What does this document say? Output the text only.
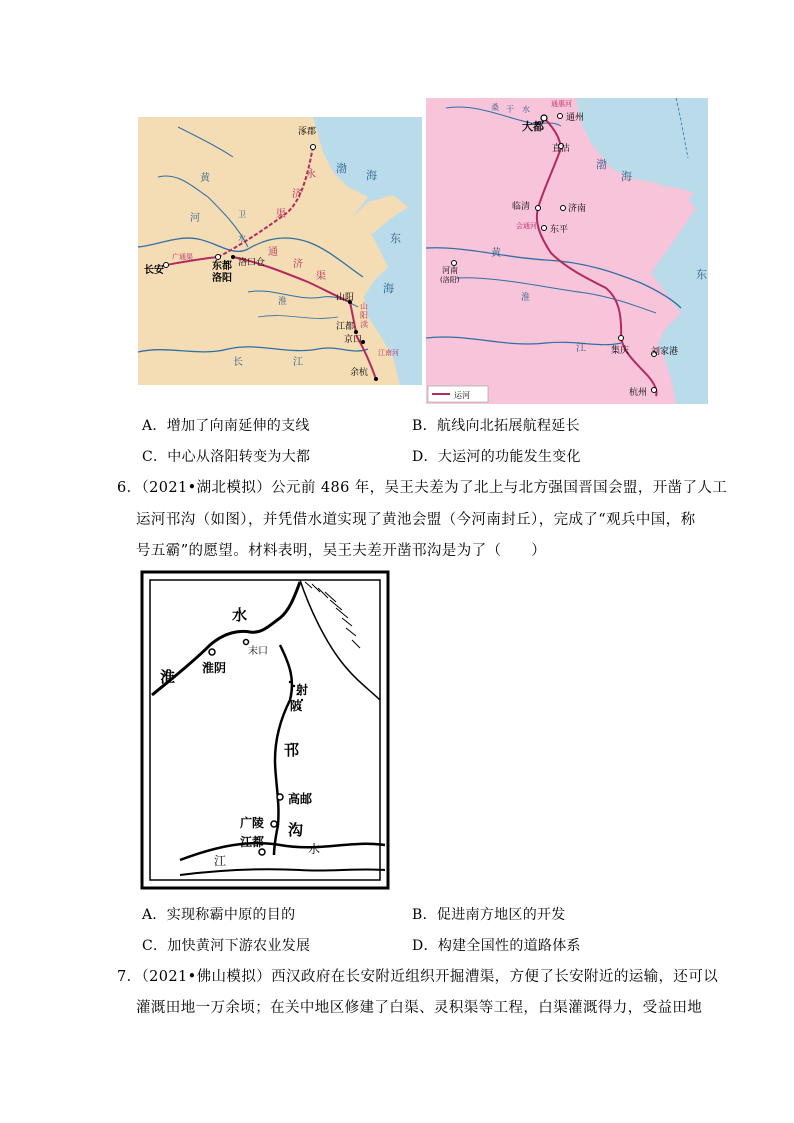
涿郡
长安	东都
洛阳
洛口仓
山阳
江都
京口
余杭
渤
海
东
海
黄
河
淮
长	江
永
济
渠
通
济
渠
广通渠
山
阳
渎
江南河
卫
水
大都
通州
通惠河
直沽
临清	济南
东平
会通河
河南
(洛阳)
集庆 刘家港
杭州
渤
海
东
黄
淮
江
桑 干 水
运河
A．增加了向南延伸的支线	B．航线向北拓展航程延长
C．中心从洛阳转变为大都	D．大运河的功能发生变化
6．（2021•湖北模拟）公元前 486 年，吴王夫差为了北上与北方强国晋国会盟，开凿了人工
运河邗沟（如图），并凭借水道实现了黄池会盟（今河南封丘），完成了“观兵中国，称
号五霸”的愿望。材料表明，吴王夫差开凿邗沟是为了（　　）
水
淮
末口
淮阴
射
陂
邗
高邮
沟
广陵
江都
江
水
A．实现称霸中原的目的	B．促进南方地区的开发
C．加快黄河下游农业发展	D．构建全国性的道路体系
7．（2021•佛山模拟）西汉政府在长安附近组织开掘漕渠，方便了长安附近的运输，还可以
灌溉田地一万余顷；在关中地区修建了白渠、灵积渠等工程，白渠灌溉得力，受益田地
